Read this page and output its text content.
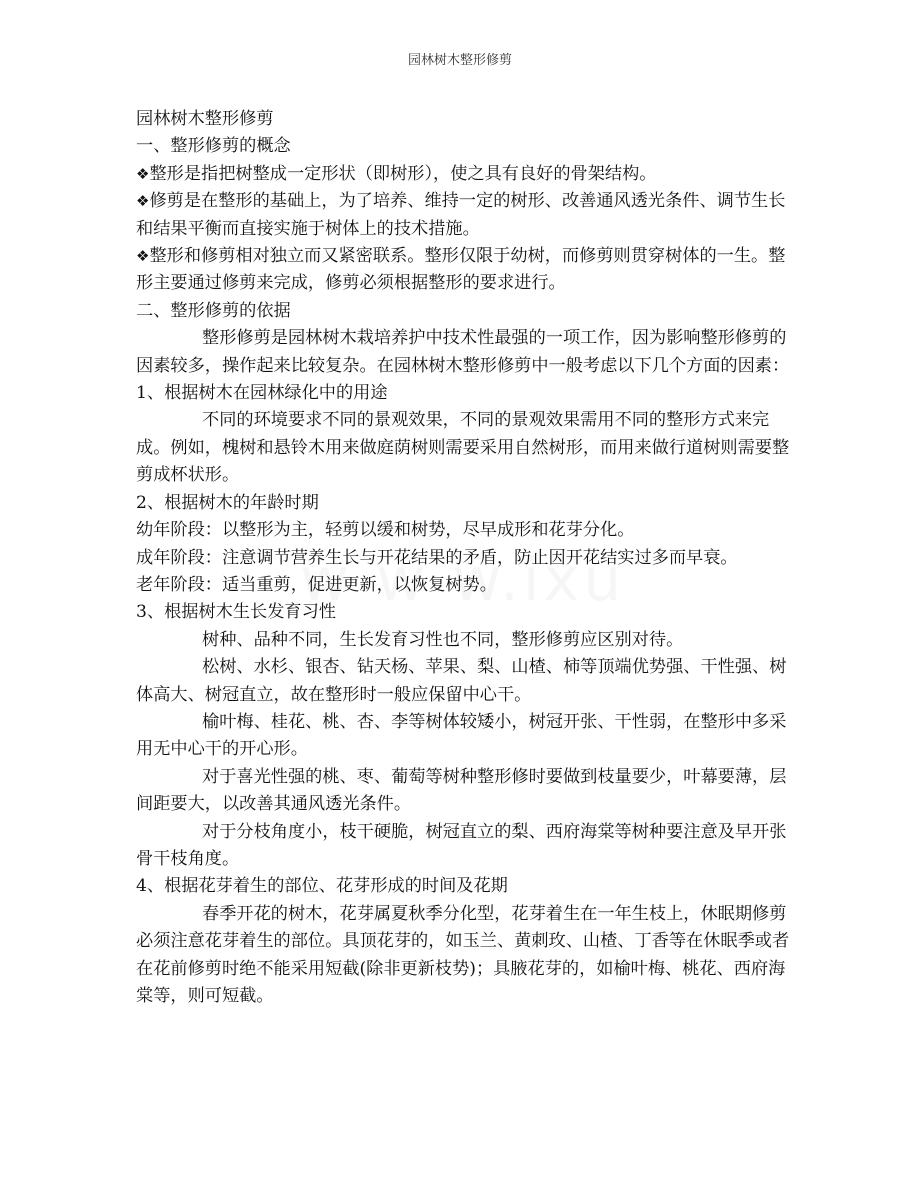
园林树木整形修剪

园林树木整形修剪

一、整形修剪的概念

❖整形是指把树整成一定形状（即树形），使之具有良好的骨架结构。

❖修剪是在整形的基础上，为了培养、维持一定的树形、改善通风透光条件、调节生长和结果平衡而直接实施于树体上的技术措施。

❖整形和修剪相对独立而又紧密联系。整形仅限于幼树，而修剪则贯穿树体的一生。整形主要通过修剪来完成，修剪必须根据整形的要求进行。

二、整形修剪的依据

整形修剪是园林树木栽培养护中技术性最强的一项工作，因为影响整形修剪的因素较多，操作起来比较复杂。在园林树木整形修剪中一般考虑以下几个方面的因素：

1、根据树木在园林绿化中的用途

不同的环境要求不同的景观效果，不同的景观效果需用不同的整形方式来完成。例如，槐树和悬铃木用来做庭荫树则需要采用自然树形，而用来做行道树则需要整剪成杯状形。

2、根据树木的年龄时期

幼年阶段：以整形为主，轻剪以缓和树势，尽早成形和花芽分化。

成年阶段：注意调节营养生长与开花结果的矛盾，防止因开花结实过多而早衰。

老年阶段：适当重剪，促进更新，以恢复树势。

3、根据树木生长发育习性

树种、品种不同，生长发育习性也不同，整形修剪应区别对待。

松树、水杉、银杏、钻天杨、苹果、梨、山楂、柿等顶端优势强、干性强、树体高大、树冠直立，故在整形时一般应保留中心干。

榆叶梅、桂花、桃、杏、李等树体较矮小，树冠开张、干性弱，在整形中多采用无中心干的开心形。

对于喜光性强的桃、枣、葡萄等树种整形修时要做到枝量要少，叶幕要薄，层间距要大，以改善其通风透光条件。

对于分枝角度小，枝干硬脆，树冠直立的梨、西府海棠等树种要注意及早开张骨干枝角度。

4、根据花芽着生的部位、花芽形成的时间及花期

春季开花的树木，花芽属夏秋季分化型，花芽着生在一年生枝上，休眠期修剪必须注意花芽着生的部位。具顶花芽的，如玉兰、黄刺玫、山楂、丁香等在休眠季或者在花前修剪时绝不能采用短截(除非更新枝势)；具腋花芽的，如榆叶梅、桃花、西府海棠等，则可短截。
